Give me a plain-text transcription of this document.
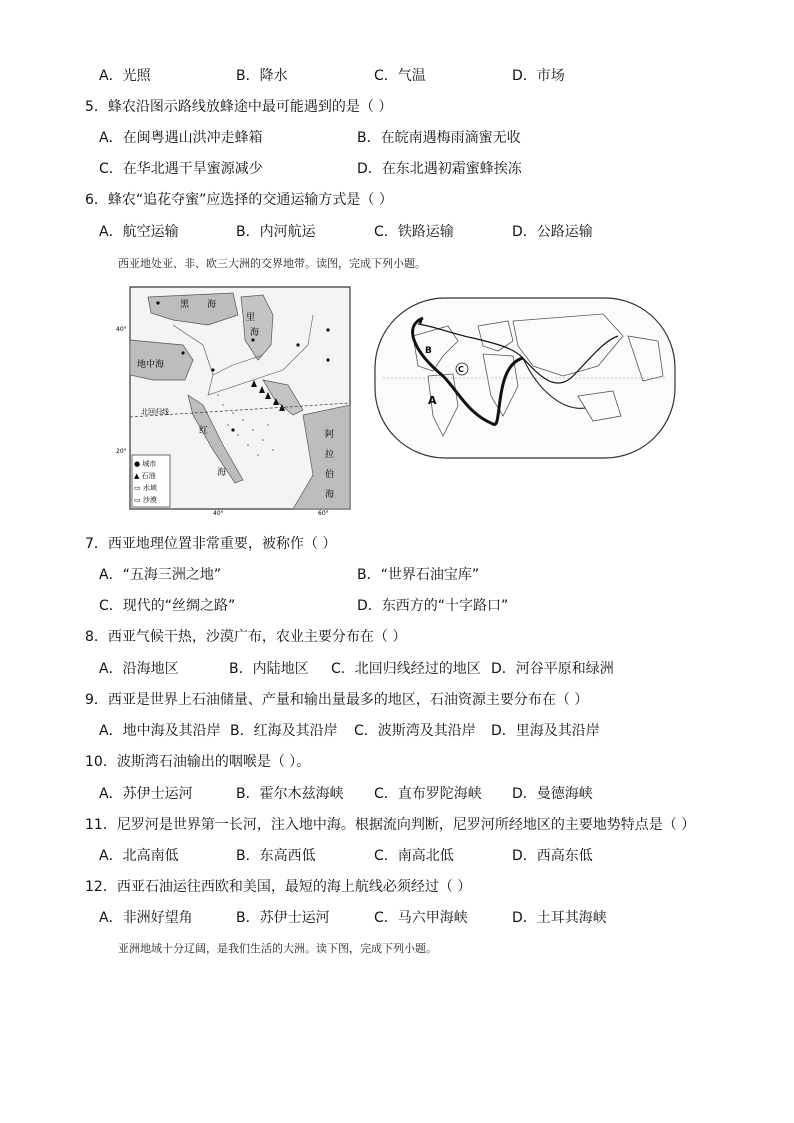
A．光照	B．降水	C．气温	D．市场
5．蜂农沿图示路线放蜂途中最可能遇到的是（ ）
A．在闽粤遇山洪冲走蜂箱	B．在皖南遇梅雨滴蜜无收
C．在华北遇干旱蜜源减少	D．在东北遇初霜蜜蜂挨冻
6．蜂农“追花夺蜜”应选择的交通运输方式是（ ）
A．航空运输	B．内河航运	C．铁路运输	D．公路运输
西亚地处亚、非、欧三大洲的交界地带。读图，完成下列小题。
黑 海
里
海
地中海
红
海
北回归线
阿
拉
伯
海
40°
20°
40°	60°
● 城市
▲ 石油
▭ 水域
▭ 沙漠
A
B
C
7．西亚地理位置非常重要，被称作（ ）
A．“五海三洲之地”	B．“世界石油宝库”
C．现代的“丝绸之路”	D．东西方的“十字路口”
8．西亚气候干热，沙漠广布，农业主要分布在（ ）
A．沿海地区	B．内陆地区 C．北回归线经过的地区 D．河谷平原和绿洲
9．西亚是世界上石油储量、产量和输出量最多的地区，石油资源主要分布在（ ）
A．地中海及其沿岸 B．红海及其沿岸 C．波斯湾及其沿岸 D．里海及其沿岸
10．波斯湾石油输出的咽喉是（ ）。
A．苏伊士运河	B．霍尔木兹海峡 C．直布罗陀海峡 D．曼德海峡
11．尼罗河是世界第一长河，注入地中海。根据流向判断，尼罗河所经地区的主要地势特点是（ ）
A．北高南低	B．东高西低	C．南高北低	D．西高东低
12．西亚石油运往西欧和美国，最短的海上航线必须经过（ ）
A．非洲好望角	B．苏伊士运河	C．马六甲海峡	D．土耳其海峡
亚洲地域十分辽阔，是我们生活的大洲。读下图，完成下列小题。
